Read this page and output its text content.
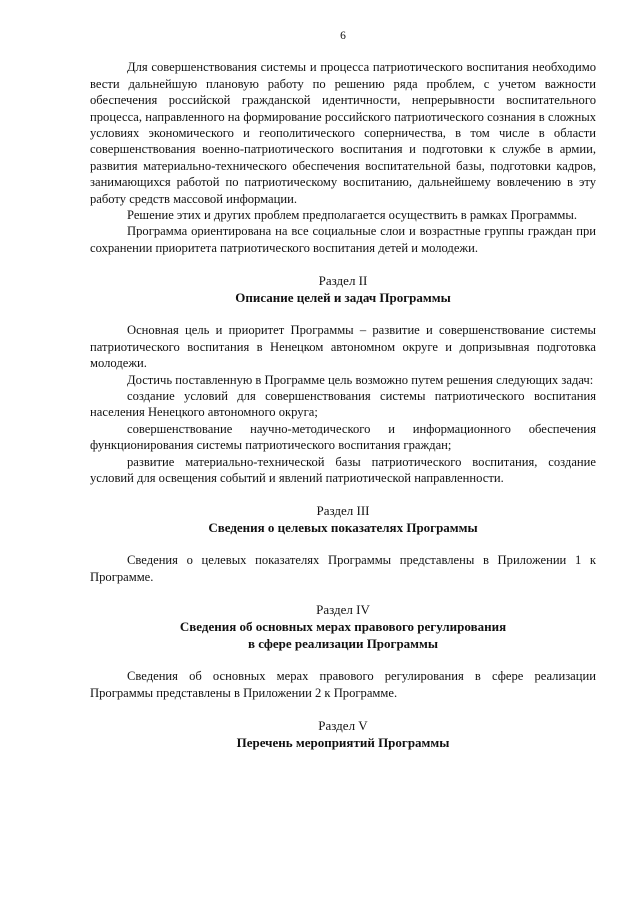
6

Для совершенствования системы и процесса патриотического воспитания необходимо вести дальнейшую плановую работу по решению ряда проблем, с учетом важности обеспечения российской гражданской идентичности, непрерывности воспитательного процесса, направленного на формирование российского патриотического сознания в сложных условиях экономического и геополитического соперничества, в том числе в области совершенствования военно-патриотического воспитания и подготовки к службе в армии, развития материально-технического обеспечения воспитательной базы, подготовки кадров, занимающихся работой по патриотическому воспитанию, дальнейшему вовлечению в эту работу средств массовой информации.

Решение этих и других проблем предполагается осуществить в рамках Программы.

Программа ориентирована на все социальные слои и возрастные группы граждан при сохранении приоритета патриотического воспитания детей и молодежи.

Раздел II
Описание целей и задач Программы

Основная цель и приоритет Программы – развитие и совершенствование системы патриотического воспитания в Ненецком автономном округе и допризывная подготовка молодежи.

Достичь поставленную в Программе цель возможно путем решения следующих задач:

создание условий для совершенствования системы патриотического воспитания населения Ненецкого автономного округа;

совершенствование научно-методического и информационного обеспечения функционирования системы патриотического воспитания граждан;

развитие материально-технической базы патриотического воспитания, создание условий для освещения событий и явлений патриотической направленности.

Раздел III
Сведения о целевых показателях Программы

Сведения о целевых показателях Программы представлены в Приложении 1 к Программе.

Раздел IV
Сведения об основных мерах правового регулирования
в сфере реализации Программы

Сведения об основных мерах правового регулирования в сфере реализации Программы представлены в Приложении 2 к Программе.

Раздел V
Перечень мероприятий Программы
